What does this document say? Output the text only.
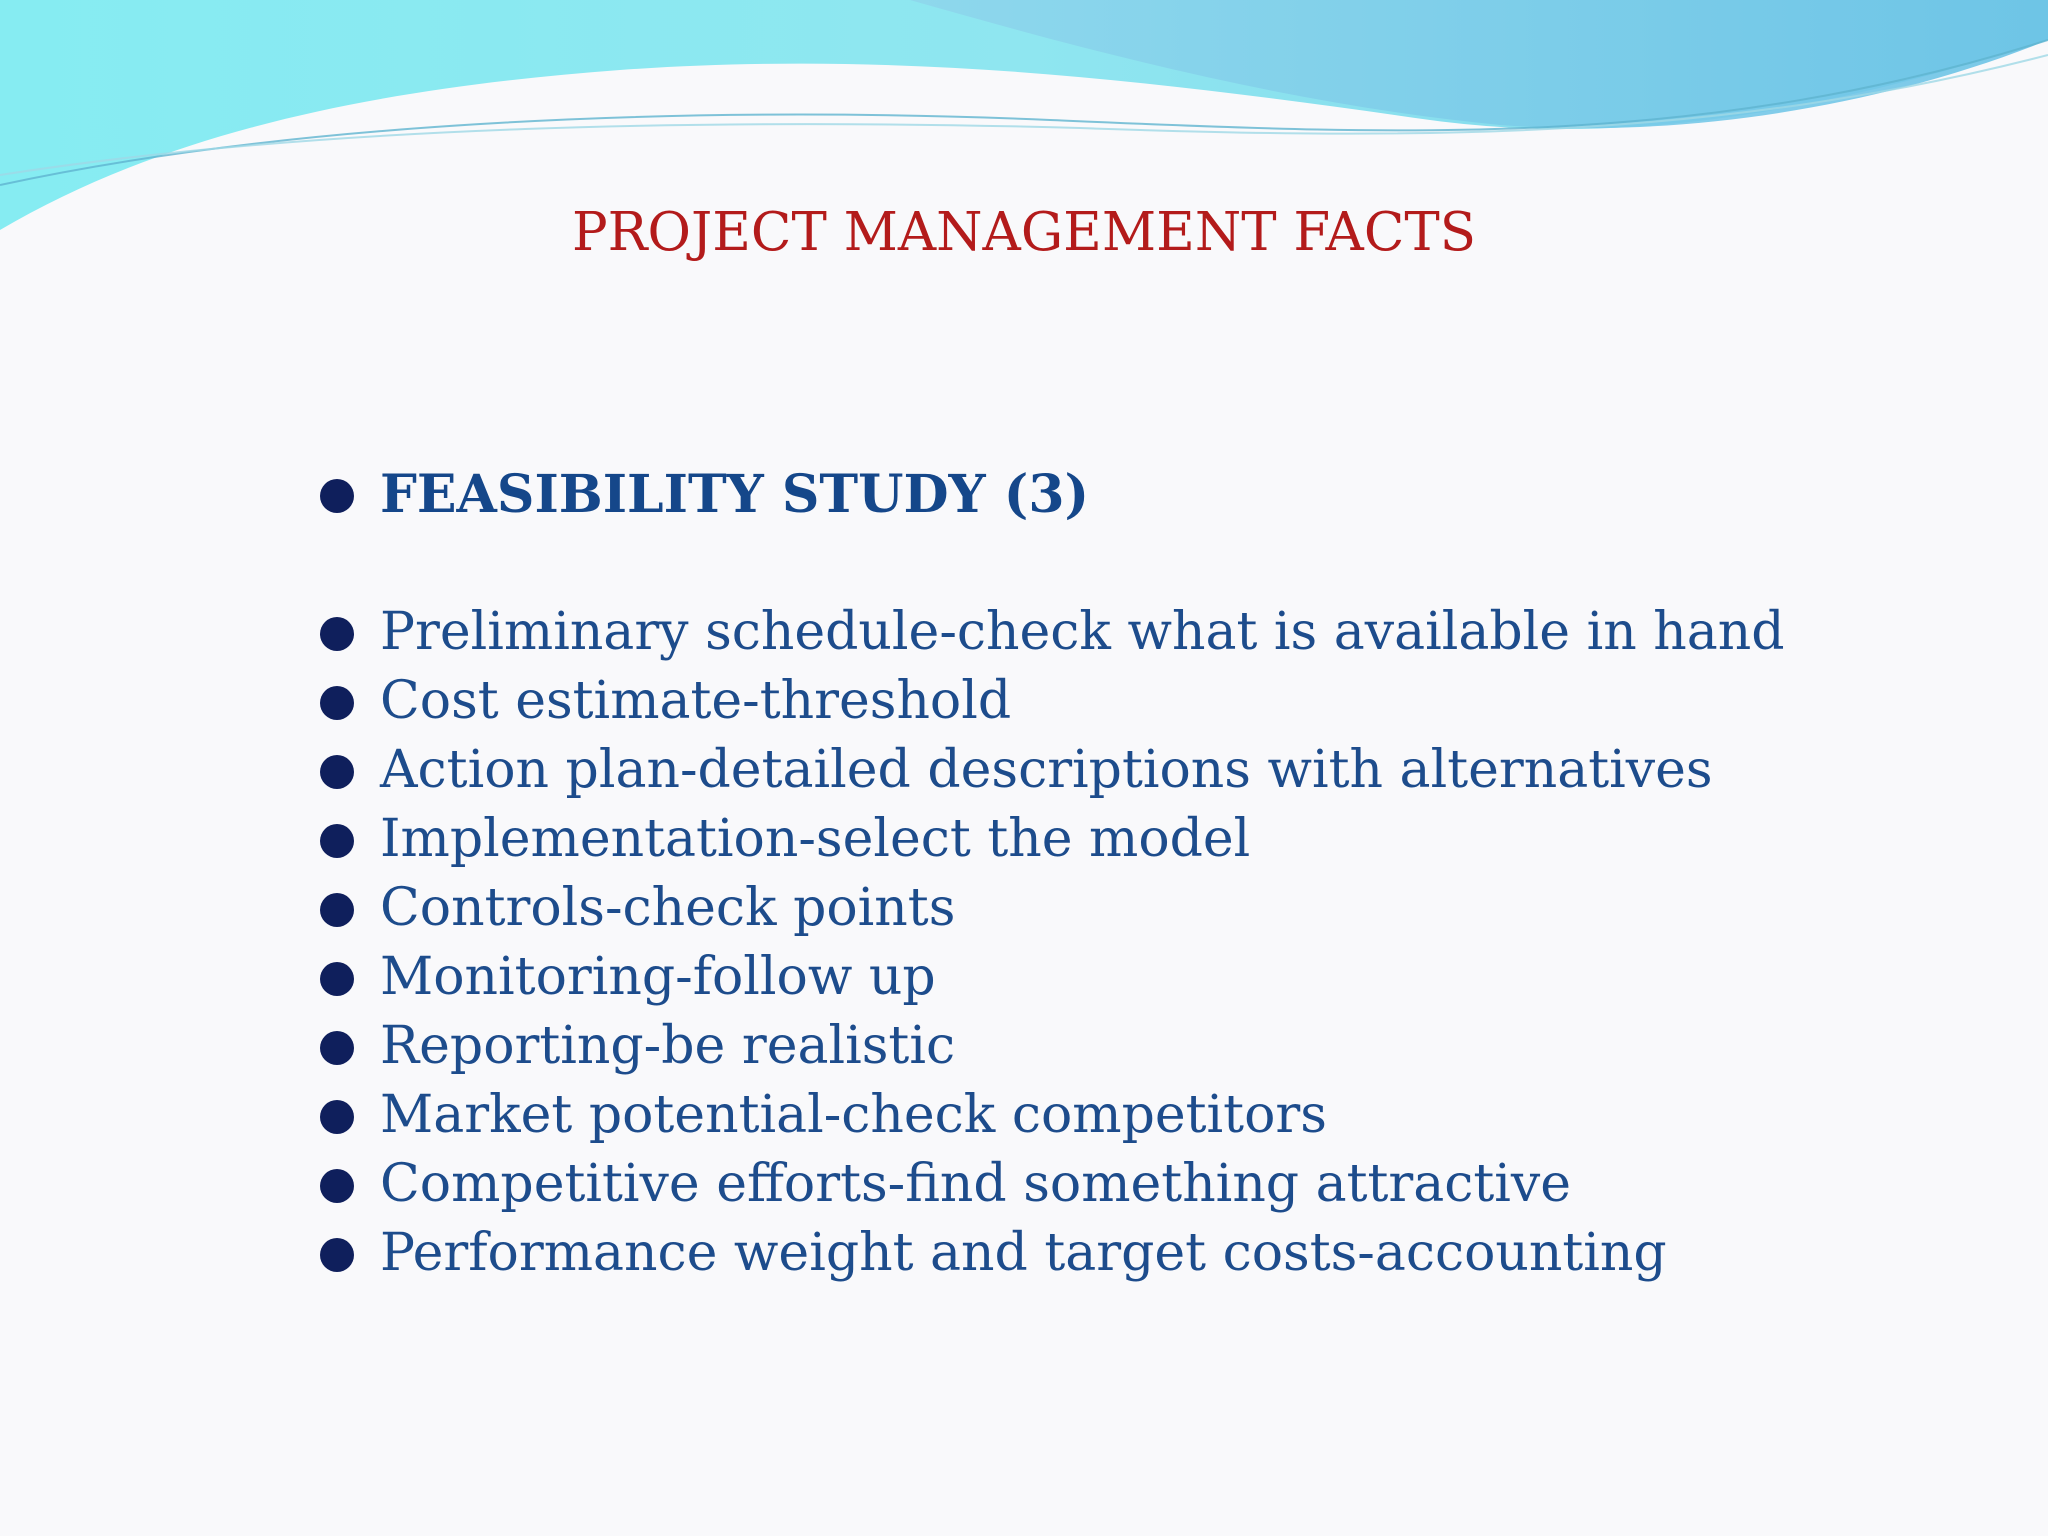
PROJECT MANAGEMENT FACTS
FEASIBILITY STUDY (3)
Preliminary schedule-check what is available in hand
Cost estimate-threshold
Action plan-detailed descriptions with alternatives
Implementation-select the model
Controls-check points
Monitoring-follow up
Reporting-be realistic
Market potential-check competitors
Competitive efforts-find something attractive
Performance weight and target costs-accounting
